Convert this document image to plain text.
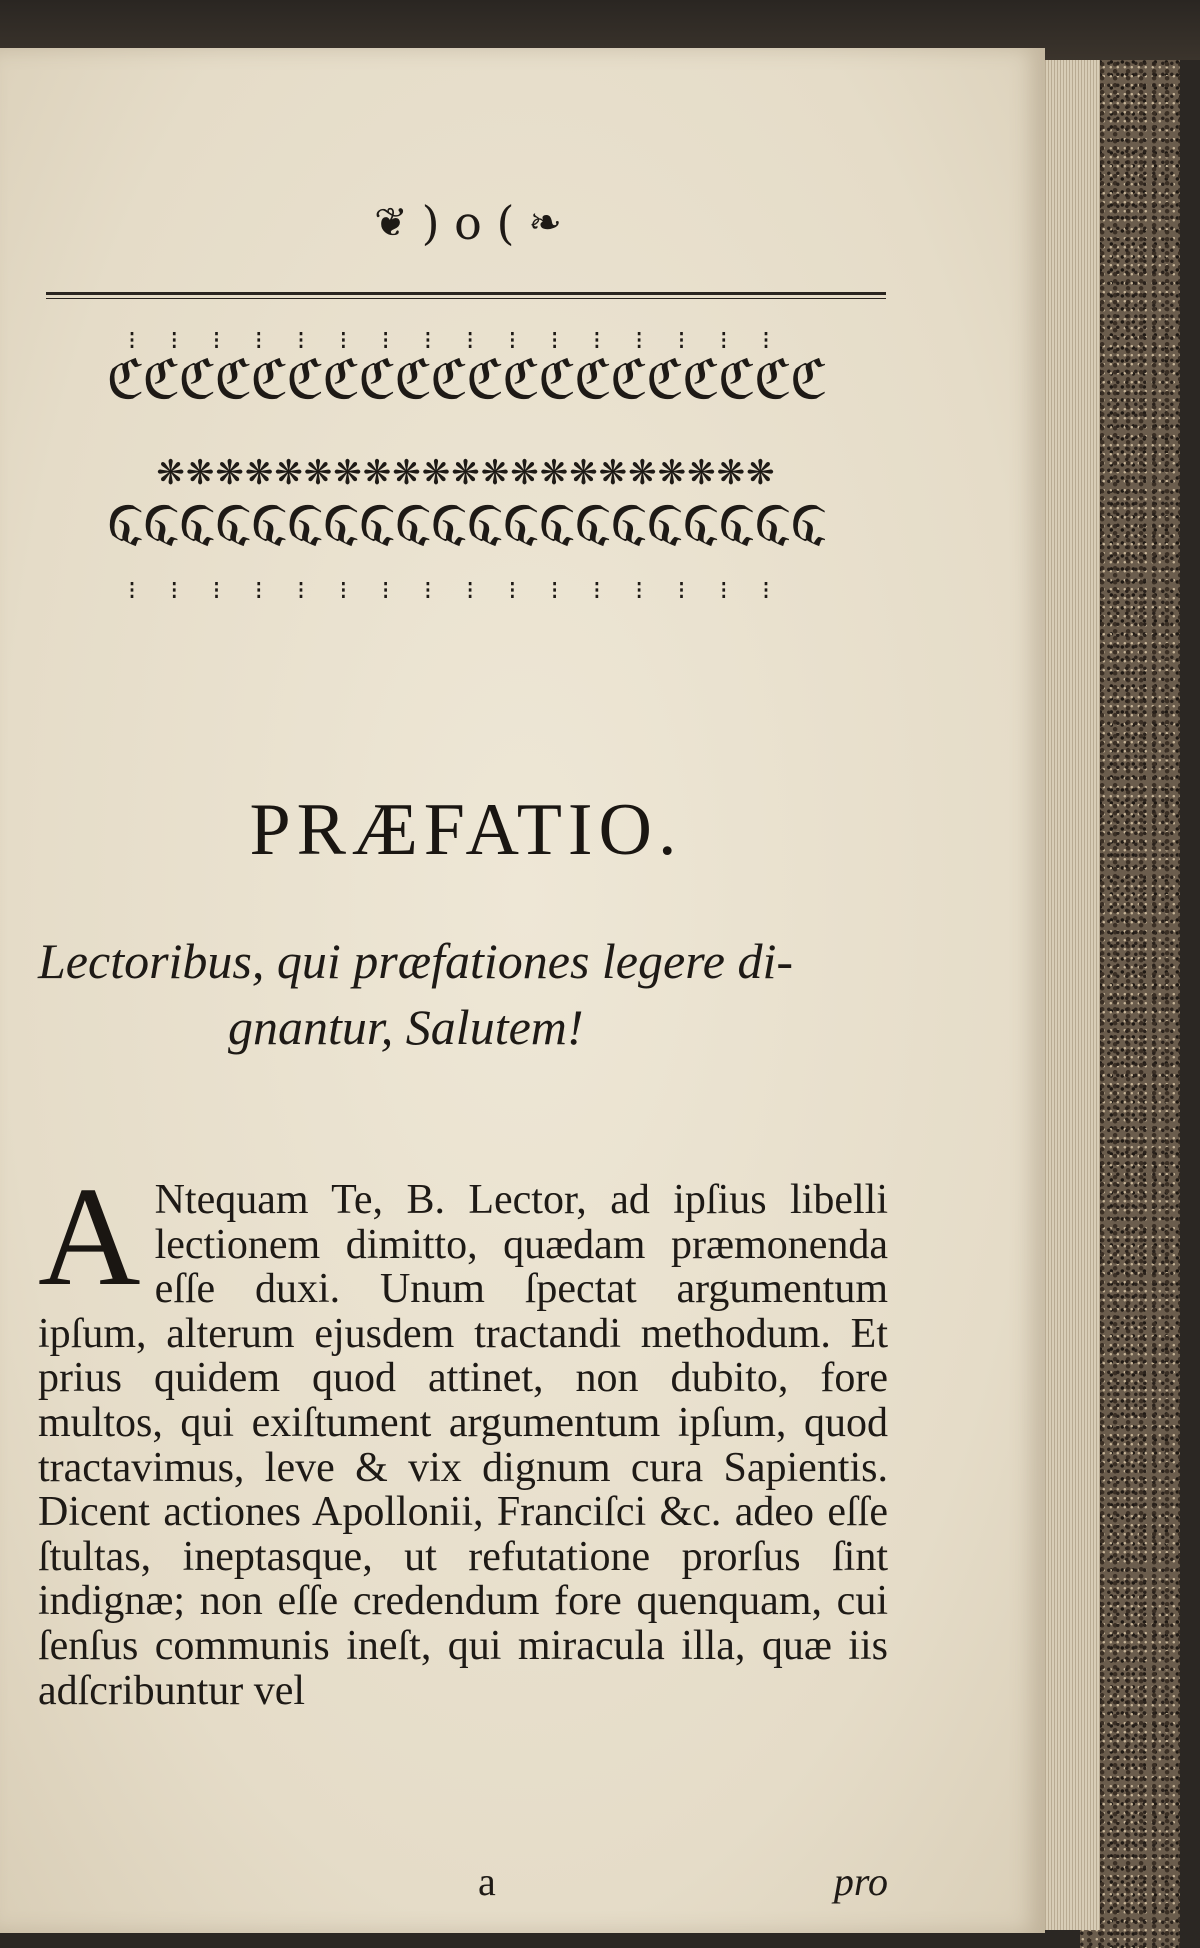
❦ ) o ( ❧
⁝⁝⁝⁝⁝⁝⁝⁝⁝⁝⁝⁝⁝⁝⁝⁝
ℭℭℭℭℭℭℭℭℭℭℭℭℭℭℭℭℭℭℭℭ
❋❋❋❋❋❋❋❋❋❋❋❋❋❋❋❋❋❋❋❋❋
ℭℭℭℭℭℭℭℭℭℭℭℭℭℭℭℭℭℭℭℭ
⁝⁝⁝⁝⁝⁝⁝⁝⁝⁝⁝⁝⁝⁝⁝⁝
PRÆFATIO.
Lectoribus, qui præfationes legere di-
gnantur, Salutem!
A Ntequam Te, B. Lector, ad ipſius libelli lectionem dimitto, quædam præmonenda eſſe duxi. Unum ſpectat argumentum ipſum, alterum ejusdem tractandi methodum. Et prius quidem quod attinet, non dubito, fore multos, qui exiſtument argumentum ipſum, quod tractavimus, leve & vix dignum cura Sapientis. Dicent actiones Apollonii, Franciſci &c. adeo eſſe ſtultas, ineptasque, ut refutatione prorſus ſint indignæ; non eſſe credendum fore quenquam, cui ſenſus communis ineſt, qui miracula illa, quæ iis adſcribuntur vel

a	pro
